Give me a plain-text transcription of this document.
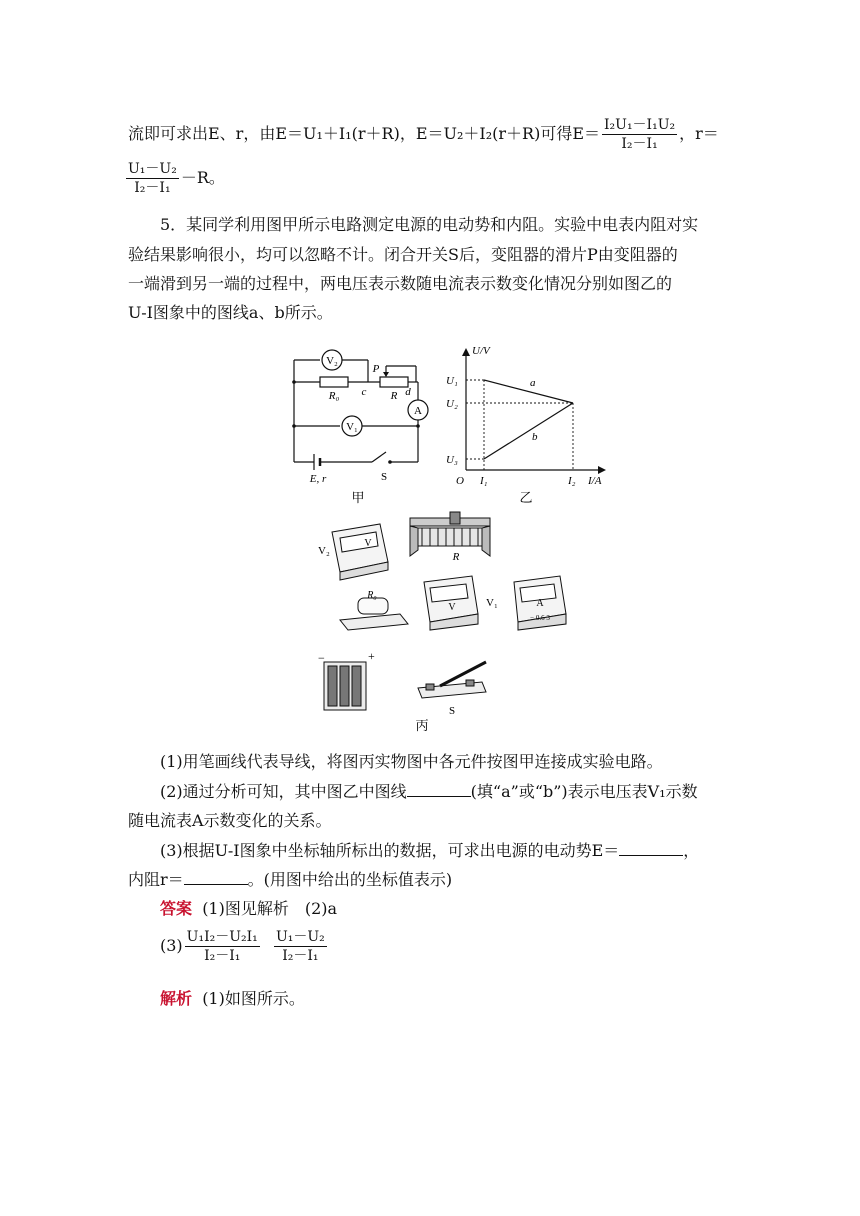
流即可求出E、r，由E＝U₁＋I₁(r＋R)，E＝U₂＋I₂(r＋R)可得$E= \frac{\text{I₂U₁－I₁U₂}}{\text{I₂－I₁}}$ ，r＝
$\frac{\text{U₁－U₂}}{\text{I₂－I₁}} -R$。
5．某同学利用图甲所示电路测定电源的电动势和内阻。实验中电表内阻对实
验结果影响很小，均可以忽略不计。闭合开关S后，变阻器的滑片P由变阻器的
一端滑到另一端的过程中，两电压表示数随电流表示数变化情况分别如图乙的
U-I图象中的图线a、b所示。
V₂
R₀ c
P
R d
A
V₁
E, r	S
甲
U/V
I/A
O
U₁
U₂
U₃
I₁	I₂
a
b
乙
V
V₂	R
R₀
V	V₁	A
− 0.6 3
−	+
S
丙
(1)用笔画线代表导线，将图丙实物图中各元件按图甲连接成实验电路。
(2)通过分析可知，其中图乙中图线	(填“a”或“b”)表示电压表V₁示数
随电流表A示数变化的关系。
(3)根据U-I图象中坐标轴所标出的数据，可求出电源的电动势E＝	，
内阻r＝	。(用图中给出的坐标值表示)
答案 (1)图见解析　(2)a
$(3) \frac{\text{U₁I₂－U₂I₁}}{\text{I₂－I₁}}$
$\frac{\text{U₁－U₂}}{\text{I₂－I₁}}$
解析 (1)如图所示。
